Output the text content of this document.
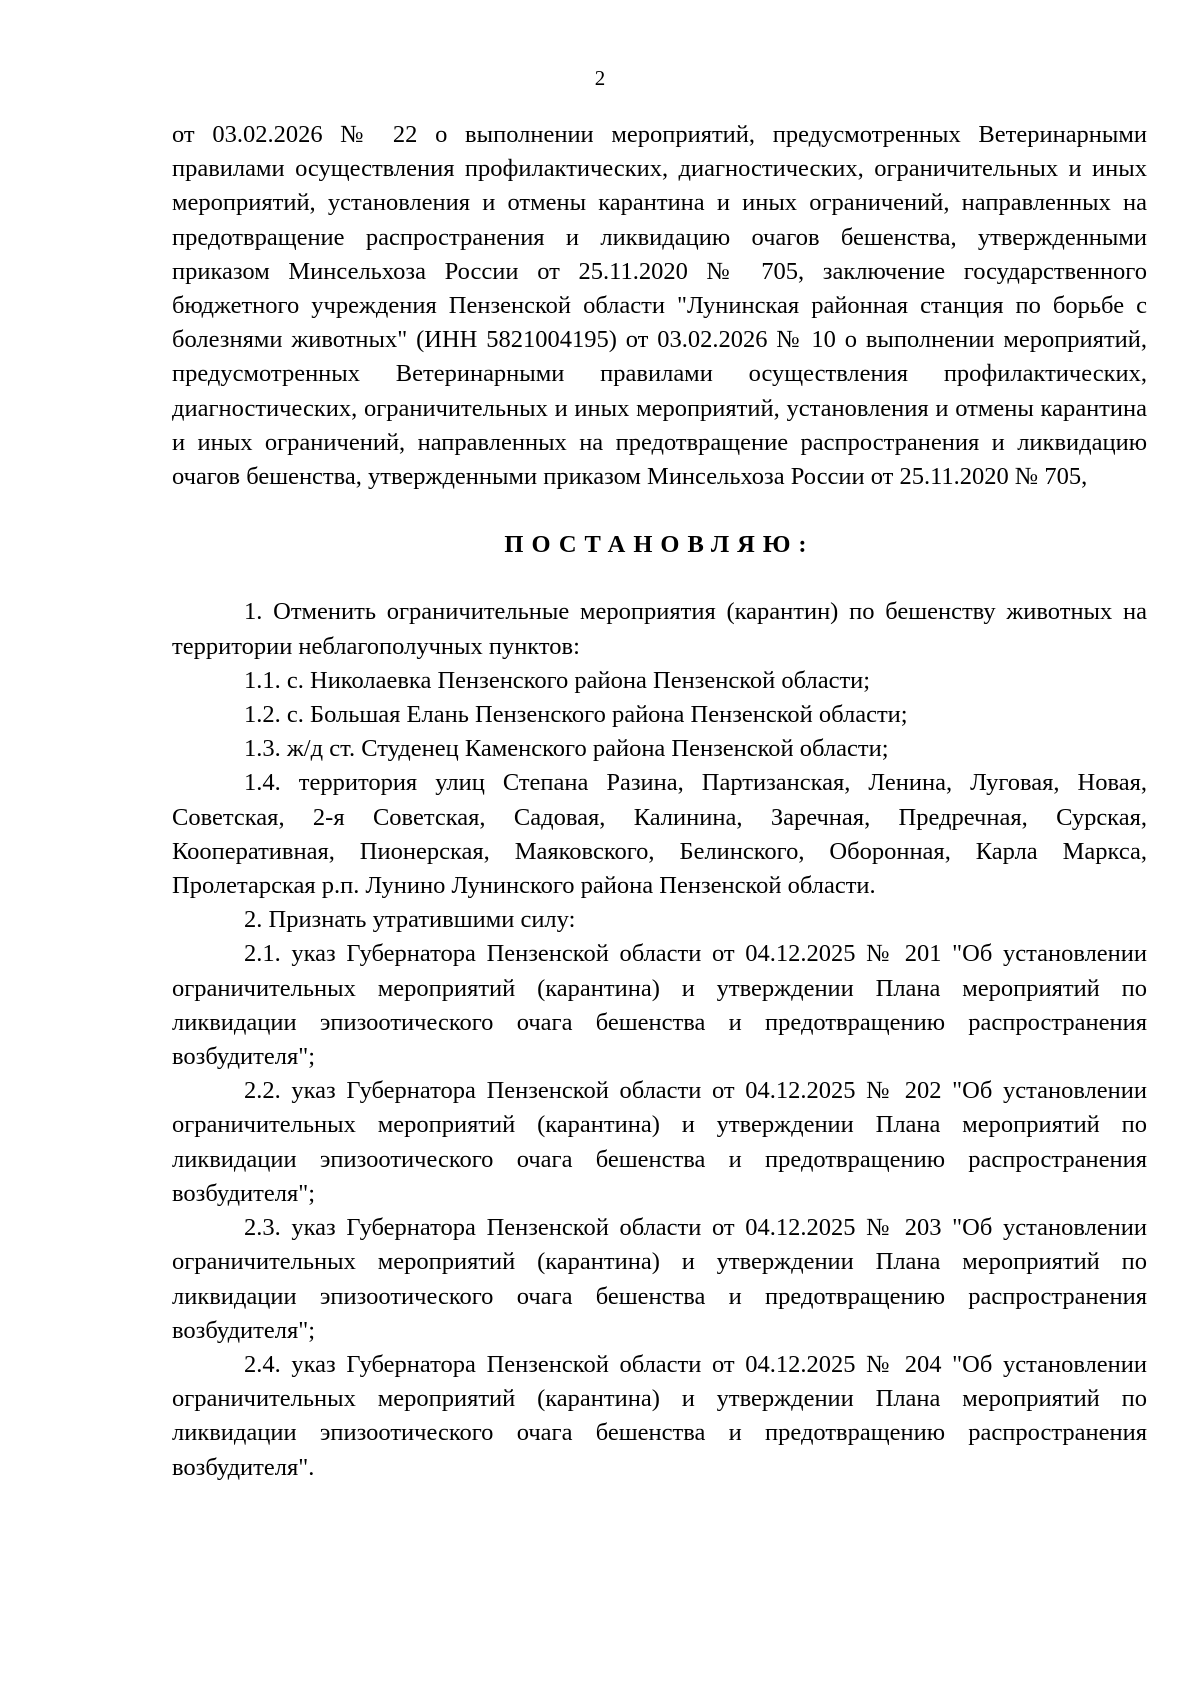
2

от 03.02.2026 № 22 о выполнении мероприятий, предусмотренных Ветеринарными правилами осуществления профилактических, диагностических, ограничительных и иных мероприятий, установления и отмены карантина и иных ограничений, направленных на предотвращение распространения и ликвидацию очагов бешенства, утвержденными приказом Минсельхоза России от 25.11.2020 № 705, заключение государственного бюджетного учреждения Пензенской области "Лунинская районная станция по борьбе с болезнями животных" (ИНН 5821004195) от 03.02.2026 № 10 о выполнении мероприятий, предусмотренных Ветеринарными правилами осуществления профилактических, диагностических, ограничительных и иных мероприятий, установления и отмены карантина и иных ограничений, направленных на предотвращение распространения и ликвидацию очагов бешенства, утвержденными приказом Минсельхоза России от 25.11.2020 № 705,

ПОСТАНОВЛЯЮ:

1. Отменить ограничительные мероприятия (карантин) по бешенству животных на территории неблагополучных пунктов:

1.1. с. Николаевка Пензенского района Пензенской области;

1.2. с. Большая Елань Пензенского района Пензенской области;

1.3. ж/д ст. Студенец Каменского района Пензенской области;

1.4. территория улиц Степана Разина, Партизанская, Ленина, Луговая, Новая, Советская, 2-я Советская, Садовая, Калинина, Заречная, Предречная, Сурская, Кооперативная, Пионерская, Маяковского, Белинского, Оборонная, Карла Маркса, Пролетарская р.п. Лунино Лунинского района Пензенской области.

2. Признать утратившими силу:

2.1. указ Губернатора Пензенской области от 04.12.2025 № 201 "Об установлении ограничительных мероприятий (карантина) и утверждении Плана мероприятий по ликвидации эпизоотического очага бешенства и предотвращению распространения возбудителя";

2.2. указ Губернатора Пензенской области от 04.12.2025 № 202 "Об установлении ограничительных мероприятий (карантина) и утверждении Плана мероприятий по ликвидации эпизоотического очага бешенства и предотвращению распространения возбудителя";

2.3. указ Губернатора Пензенской области от 04.12.2025 № 203 "Об установлении ограничительных мероприятий (карантина) и утверждении Плана мероприятий по ликвидации эпизоотического очага бешенства и предотвращению распространения возбудителя";

2.4. указ Губернатора Пензенской области от 04.12.2025 № 204 "Об установлении ограничительных мероприятий (карантина) и утверждении Плана мероприятий по ликвидации эпизоотического очага бешенства и предотвращению распространения возбудителя".
